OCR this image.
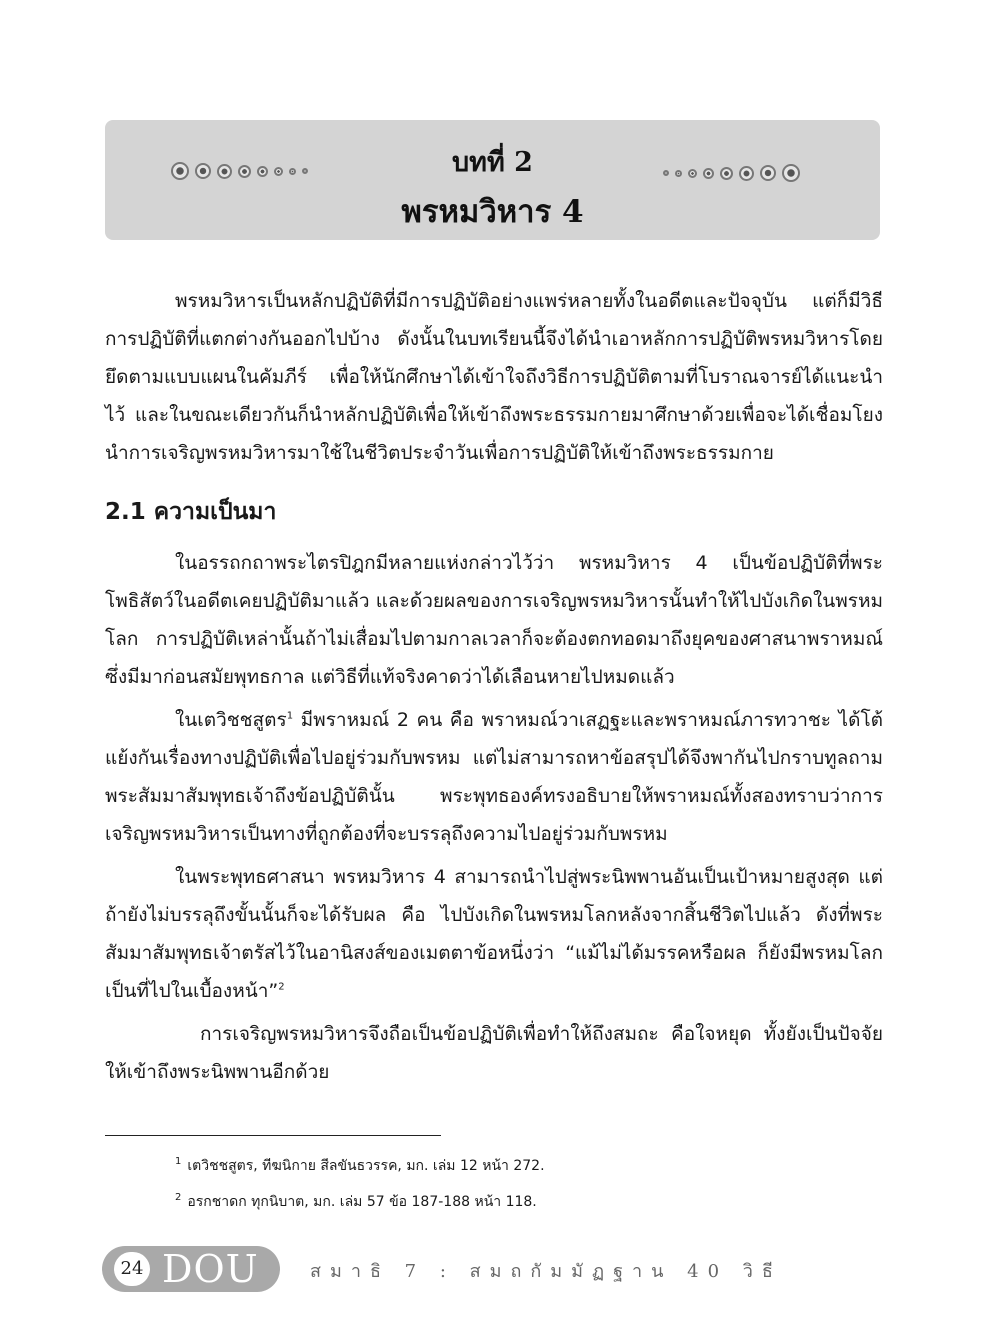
บทที่ 2
พรหมวิหาร 4

พรหมวิหารเป็นหลักปฏิบัติที่มีการปฏิบัติอย่างแพร่หลายทั้งในอดีตและปัจจุบัน แต่ก็มีวิธีการปฏิบัติที่แตกต่างกันออกไปบ้าง ดังนั้นในบทเรียนนี้จึงได้นำเอาหลักการปฏิบัติพรหมวิหารโดยยึดตามแบบแผนในคัมภีร์ เพื่อให้นักศึกษาได้เข้าใจถึงวิธีการปฏิบัติตามที่โบราณจารย์ได้แนะนำไว้ และในขณะเดียวกันก็นำหลักปฏิบัติเพื่อให้เข้าถึงพระธรรมกายมาศึกษาด้วยเพื่อจะได้เชื่อมโยงนำการเจริญพรหมวิหารมาใช้ในชีวิตประจำวันเพื่อการปฏิบัติให้เข้าถึงพระธรรมกาย

2.1 ความเป็นมา

ในอรรถกถาพระไตรปิฎกมีหลายแห่งกล่าวไว้ว่า พรหมวิหาร 4 เป็นข้อปฏิบัติที่พระโพธิสัตว์ในอดีตเคยปฏิบัติมาแล้ว และด้วยผลของการเจริญพรหมวิหารนั้นทำให้ไปบังเกิดในพรหมโลก การปฏิบัติเหล่านั้นถ้าไม่เสื่อมไปตามกาลเวลาก็จะต้องตกทอดมาถึงยุคของศาสนาพราหมณ์ซึ่งมีมาก่อนสมัยพุทธกาล แต่วิธีที่แท้จริงคาดว่าได้เลือนหายไปหมดแล้ว

ในเตวิชชสูตร$^1$ มีพราหมณ์ 2 คน คือ พราหมณ์วาเสฏฐะและพราหมณ์ภารทวาชะ ได้โต้แย้งกันเรื่องทางปฏิบัติเพื่อไปอยู่ร่วมกับพรหม แต่ไม่สามารถหาข้อสรุปได้จึงพากันไปกราบทูลถามพระสัมมาสัมพุทธเจ้าถึงข้อปฏิบัตินั้น พระพุทธองค์ทรงอธิบายให้พราหมณ์ทั้งสองทราบว่าการเจริญพรหมวิหารเป็นทางที่ถูกต้องที่จะบรรลุถึงความไปอยู่ร่วมกับพรหม

ในพระพุทธศาสนา พรหมวิหาร 4 สามารถนำไปสู่พระนิพพานอันเป็นเป้าหมายสูงสุด แต่ถ้ายังไม่บรรลุถึงขั้นนั้นก็จะได้รับผล คือ ไปบังเกิดในพรหมโลกหลังจากสิ้นชีวิตไปแล้ว ดังที่พระสัมมาสัมพุทธเจ้าตรัสไว้ในอานิสงส์ของเมตตาข้อหนึ่งว่า “แม้ไม่ได้มรรคหรือผล ก็ยังมีพรหมโลกเป็นที่ไปในเบื้องหน้า”$^2$

การเจริญพรหมวิหารจึงถือเป็นข้อปฏิบัติเพื่อทำให้ถึงสมถะ คือใจหยุด ทั้งยังเป็นปัจจัยให้เข้าถึงพระนิพพานอีกด้วย

$^1$ เตวิชชสูตร, ทีฆนิกาย สีลขันธวรรค, มก. เล่ม 12 หน้า 272.
$^2$ อรกชาดก ทุกนิบาต, มก. เล่ม 57 ข้อ 187-188 หน้า 118.
24 DOU	สมาธิ 7 : สมถกัมมัฏฐาน 40 วิธี
